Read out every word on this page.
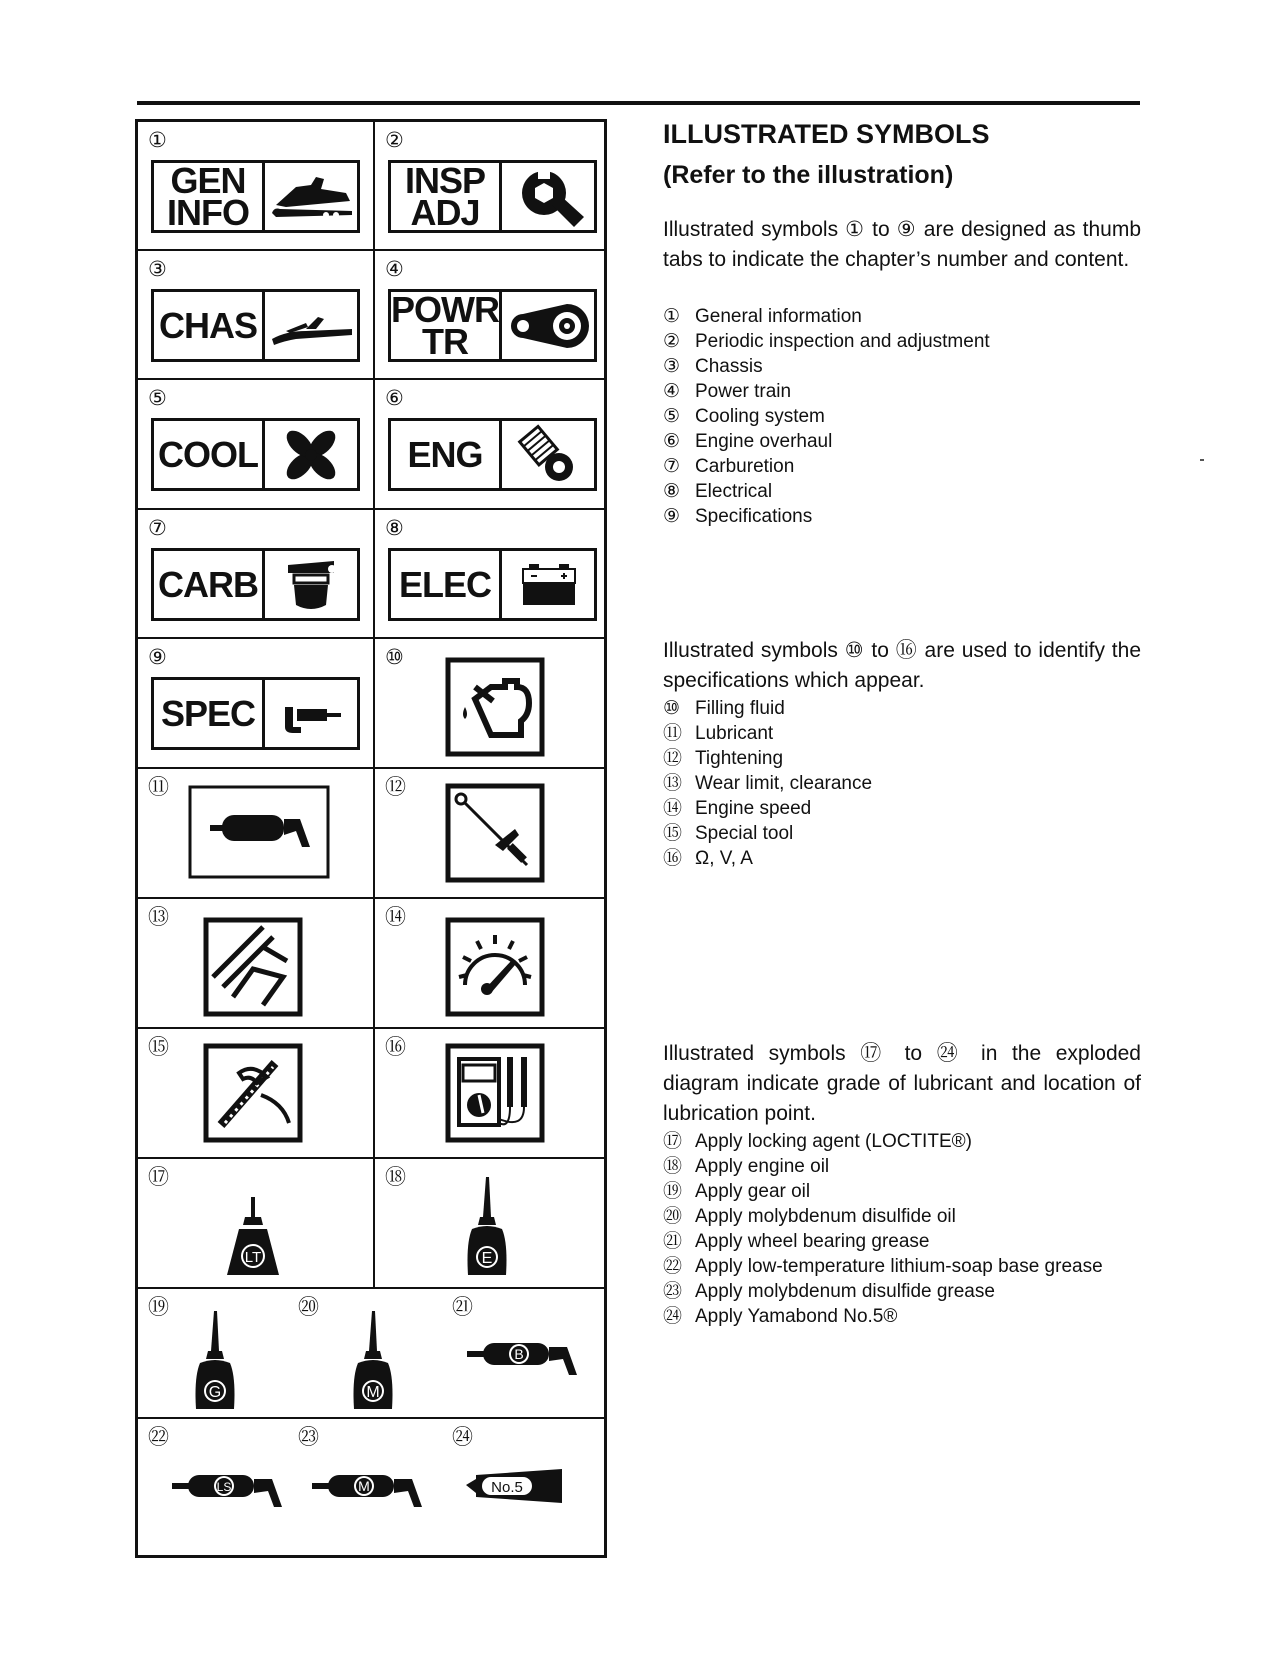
①
GEN
INFO
②
INSP
ADJ
③
CHAS
④
POWR
TR
⑤
COOL
⑥
ENG
⑦
CARB
⑧
ELEC
⑨
SPEC
⑩
⑪	⑫
⑬	⑭
⑮	⑯
⑰
LT
⑱
E
⑲	⑳	㉑
G	M
B
㉒	㉓	㉔
LS	M	No.5
ILLUSTRATED SYMBOLS
(Refer to the illustration)
Illustrated symbols ① to ⑨ are designed as thumb tabs to indicate the chapter’s number and content.
① General information
② Periodic inspection and adjustment
③ Chassis
④ Power train
⑤ Cooling system
⑥ Engine overhaul
⑦ Carburetion
⑧ Electrical
⑨ Specifications
Illustrated symbols ⑩ to ⑯ are used to identify the specifications which appear.
⑩ Filling fluid
⑪ Lubricant
⑫ Tightening
⑬ Wear limit, clearance
⑭ Engine speed
⑮ Special tool
⑯ Ω, V, A
Illustrated symbols ⑰ to ㉔ in the exploded diagram indicate grade of lubricant and location of lubrication point.
⑰ Apply locking agent (LOCTITE®)
⑱ Apply engine oil
⑲ Apply gear oil
⑳ Apply molybdenum disulfide oil
㉑ Apply wheel bearing grease
㉒ Apply low-temperature lithium-soap base grease
㉓ Apply molybdenum disulfide grease
㉔ Apply Yamabond No.5®
